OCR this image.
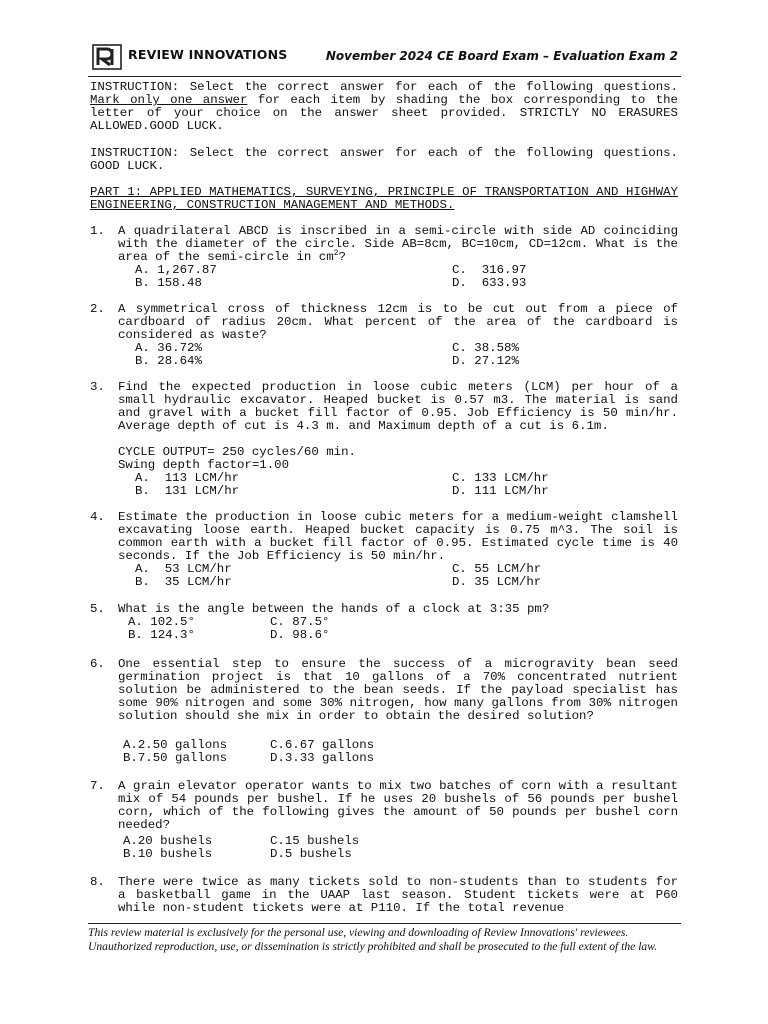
REVIEW INNOVATIONS	November 2024 CE Board Exam – Evaluation Exam 2
INSTRUCTION: Select the correct answer for each of the following questions. Mark only one answer for each item by shading the box corresponding to the letter of your choice on the answer sheet provided. STRICTLY NO ERASURES ALLOWED.GOOD LUCK.
INSTRUCTION: Select the correct answer for each of the following questions. GOOD LUCK.
PART 1: APPLIED MATHEMATICS, SURVEYING, PRINCIPLE OF TRANSPORTATION AND HIGHWAY ENGINEERING, CONSTRUCTION MANAGEMENT AND METHODS.
1. A quadrilateral ABCD is inscribed in a semi-circle with side AD coinciding with the diameter of the circle. Side AB=8cm, BC=10cm, CD=12cm. What is the area of the semi-circle in $cm^2$?
A. 1,267.87	C.  316.97
B. 158.48	D.  633.93
2. A symmetrical cross of thickness 12cm is to be cut out from a piece of cardboard of radius 20cm. What percent of the area of the cardboard is considered as waste?
A. 36.72%	C. 38.58%
B. 28.64%	D. 27.12%
3. Find the expected production in loose cubic meters (LCM) per hour of a small hydraulic excavator. Heaped bucket is 0.57 m3. The material is sand and gravel with a bucket fill factor of 0.95. Job Efficiency is 50 min/hr. Average depth of cut is 4.3 m. and Maximum depth of a cut is 6.1m.
CYCLE OUTPUT= 250 cycles/60 min.
Swing depth factor=1.00
A.  113 LCM/hr	C. 133 LCM/hr
B.  131 LCM/hr	D. 111 LCM/hr
4. Estimate the production in loose cubic meters for a medium-weight clamshell excavating loose earth. Heaped bucket capacity is 0.75 m^3. The soil is common earth with a bucket fill factor of 0.95. Estimated cycle time is 40 seconds. If the Job Efficiency is 50 min/hr.
A.  53 LCM/hr	C. 55 LCM/hr
B.  35 LCM/hr	D. 35 LCM/hr
5. What is the angle between the hands of a clock at 3:35 pm?
A. 102.5°	C. 87.5°
B. 124.3°	D. 98.6°
6. One essential step to ensure the success of a microgravity bean seed germination project is that 10 gallons of a 70% concentrated nutrient solution be administered to the bean seeds. If the payload specialist has some 90% nitrogen and some 30% nitrogen, how many gallons from 30% nitrogen solution should she mix in order to obtain the desired solution?
A.2.50 gallons	C.6.67 gallons
B.7.50 gallons	D.3.33 gallons
7. A grain elevator operator wants to mix two batches of corn with a resultant mix of 54 pounds per bushel. If he uses 20 bushels of 56 pounds per bushel corn, which of the following gives the amount of 50 pounds per bushel corn needed?
A.20 bushels	C.15 bushels
B.10 bushels	D.5 bushels
8. There were twice as many tickets sold to non-students than to students for a basketball game in the UAAP last season. Student tickets were at P60 while non-student tickets were at P110. If the total revenue
This review material is exclusively for the personal use, viewing and downloading of Review Innovations' reviewees. Unauthorized reproduction, use, or dissemination is strictly prohibited and shall be prosecuted to the full extent of the law.
